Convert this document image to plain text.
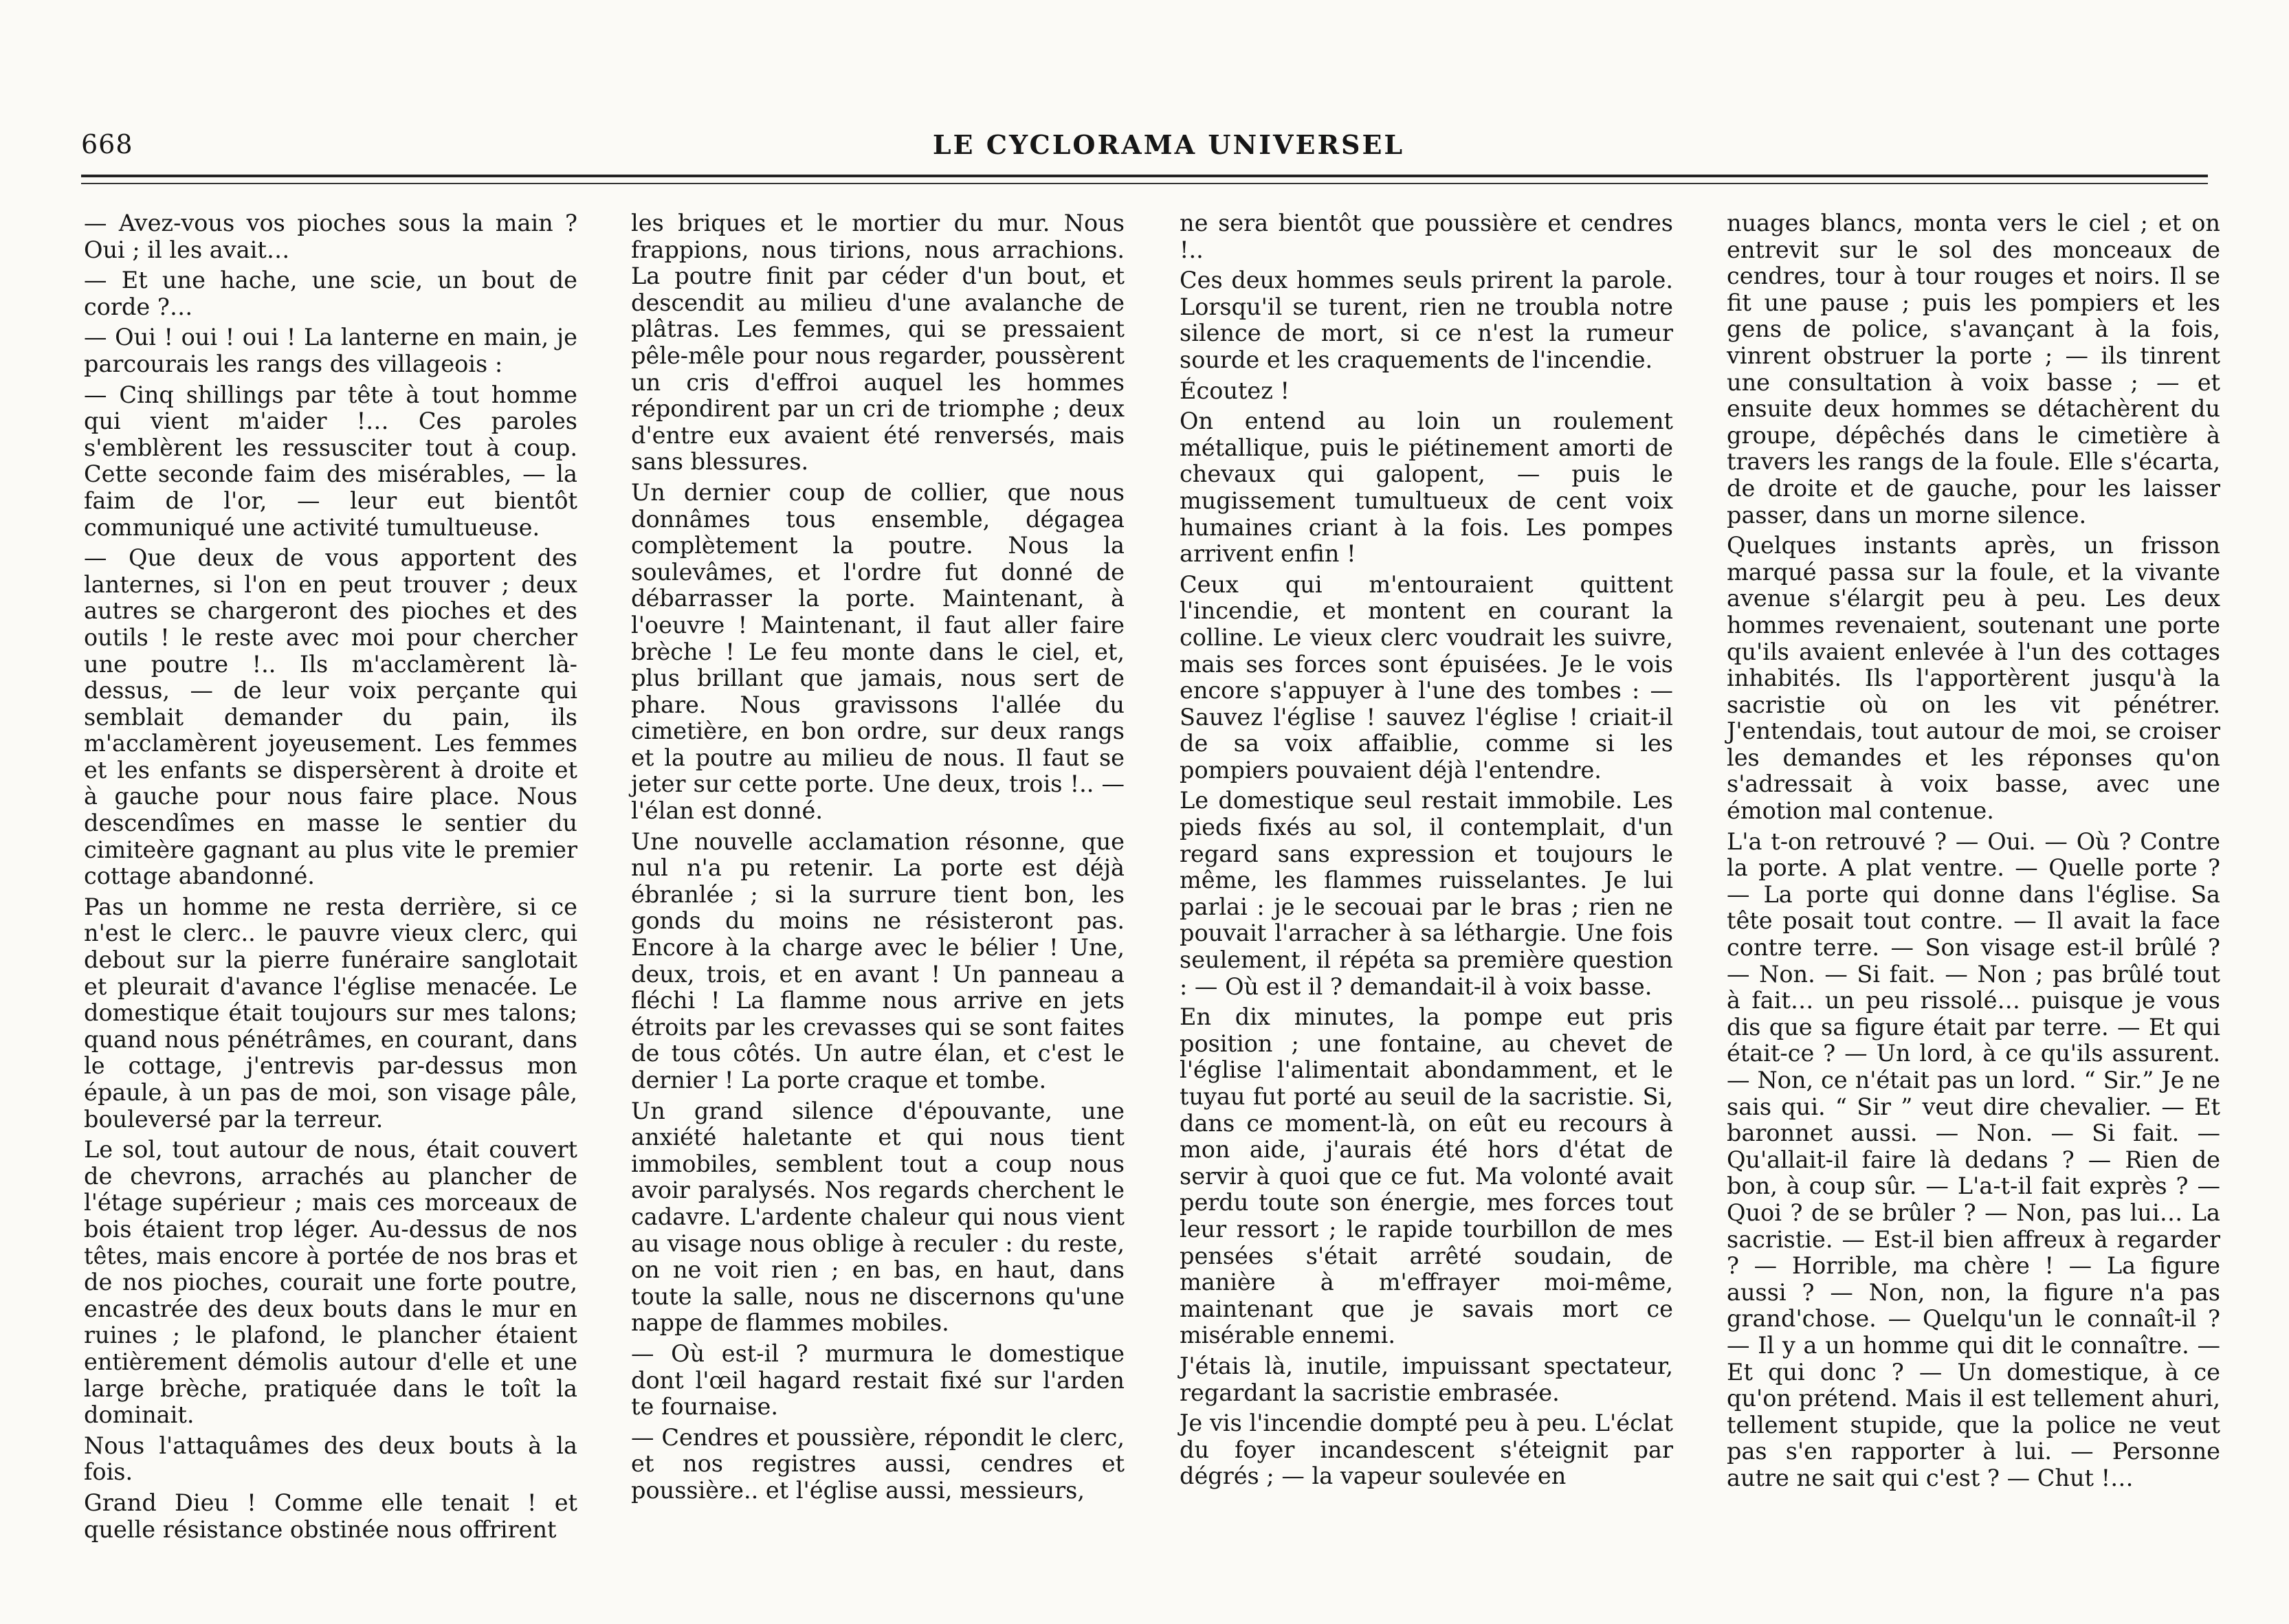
668	LE CYCLORAMA UNIVERSEL

— Avez-vous vos pioches sous la main ? Oui ; il les avait…

— Et une hache, une scie, un bout de corde ?…

— Oui ! oui ! oui ! La lanterne en main, je parcourais les rangs des villageois :

— Cinq shillings par tête à tout homme qui vient m'aider !… Ces paroles s'emblèrent les ressusciter tout à coup. Cette seconde faim des misérables, — la faim de l'or, — leur eut bientôt communiqué une activité tumultueuse.

— Que deux de vous apportent des lanternes, si l'on en peut trouver ; deux autres se chargeront des pioches et des outils ! le reste avec moi pour chercher une poutre !.. Ils m'acclamèrent là-dessus, — de leur voix perçante qui semblait demander du pain, ils m'acclamèrent joyeusement. Les femmes et les enfants se dispersèrent à droite et à gauche pour nous faire place. Nous descendîmes en masse le sentier du cimiteère gagnant au plus vite le premier cottage abandonné.

Pas un homme ne resta derrière, si ce n'est le clerc.. le pauvre vieux clerc, qui debout sur la pierre funéraire sanglotait et pleurait d'avance l'église menacée. Le domestique était toujours sur mes talons; quand nous pénétrâmes, en courant, dans le cottage, j'entrevis par-dessus mon épaule, à un pas de moi, son visage pâle, bouleversé par la terreur.

Le sol, tout autour de nous, était couvert de chevrons, arrachés au plancher de l'étage supérieur ; mais ces morceaux de bois étaient trop léger. Au-dessus de nos têtes, mais encore à portée de nos bras et de nos pioches, courait une forte poutre, encastrée des deux bouts dans le mur en ruines ; le plafond, le plancher étaient entièrement démolis autour d'elle et une large brèche, pratiquée dans le toît la dominait.

Nous l'attaquâmes des deux bouts à la fois.

Grand Dieu ! Comme elle tenait ! et quelle résistance obstinée nous offrirent

les briques et le mortier du mur. Nous frappions, nous tirions, nous arrachions. La poutre finit par céder d'un bout, et descendit au milieu d'une avalanche de plâtras. Les femmes, qui se pressaient pêle-mêle pour nous regarder, poussèrent un cris d'effroi auquel les hommes répondirent par un cri de triomphe ; deux d'entre eux avaient été renversés, mais sans blessures.

Un dernier coup de collier, que nous donnâmes tous ensemble, dégagea complètement la poutre. Nous la soulevâmes, et l'ordre fut donné de débarrasser la porte. Maintenant, à l'oeuvre ! Maintenant, il faut aller faire brèche ! Le feu monte dans le ciel, et, plus brillant que jamais, nous sert de phare. Nous gravissons l'allée du cimetière, en bon ordre, sur deux rangs et la poutre au milieu de nous. Il faut se jeter sur cette porte. Une deux, trois !.. — l'élan est donné.

Une nouvelle acclamation résonne, que nul n'a pu retenir. La porte est déjà ébranlée ; si la surrure tient bon, les gonds du moins ne résisteront pas. Encore à la charge avec le bélier ! Une, deux, trois, et en avant ! Un panneau a fléchi ! La flamme nous arrive en jets étroits par les crevasses qui se sont faites de tous côtés. Un autre élan, et c'est le dernier ! La porte craque et tombe.

Un grand silence d'épouvante, une anxiété haletante et qui nous tient immobiles, semblent tout a coup nous avoir paralysés. Nos regards cherchent le cadavre. L'ardente chaleur qui nous vient au visage nous oblige à reculer : du reste, on ne voit rien ; en bas, en haut, dans toute la salle, nous ne discernons qu'une nappe de flammes mobiles.

— Où est-il ? murmura le domestique dont l'œil hagard restait fixé sur l'arden te fournaise.

— Cendres et poussière, répondit le clerc, et nos registres aussi, cendres et poussière.. et l'église aussi, messieurs,

ne sera bientôt que poussière et cendres !..

Ces deux hommes seuls prirent la parole. Lorsqu'il se turent, rien ne troubla notre silence de mort, si ce n'est la rumeur sourde et les craquements de l'incendie.

Écoutez !

On entend au loin un roulement métallique, puis le piétinement amorti de chevaux qui galopent, — puis le mugissement tumultueux de cent voix humaines criant à la fois. Les pompes arrivent enfin !

Ceux qui m'entouraient quittent l'incendie, et montent en courant la colline. Le vieux clerc voudrait les suivre, mais ses forces sont épuisées. Je le vois encore s'appuyer à l'une des tombes : — Sauvez l'église ! sauvez l'église ! criait-il de sa voix affaiblie, comme si les pompiers pouvaient déjà l'entendre.

Le domestique seul restait immobile. Les pieds fixés au sol, il contemplait, d'un regard sans expression et toujours le même, les flammes ruisselantes. Je lui parlai : je le secouai par le bras ; rien ne pouvait l'arracher à sa léthargie. Une fois seulement, il répéta sa première question : — Où est il ? demandait-il à voix basse.

En dix minutes, la pompe eut pris position ; une fontaine, au chevet de l'église l'alimentait abondamment, et le tuyau fut porté au seuil de la sacristie. Si, dans ce moment-là, on eût eu recours à mon aide, j'aurais été hors d'état de servir à quoi que ce fut. Ma volonté avait perdu toute son énergie, mes forces tout leur ressort ; le rapide tourbillon de mes pensées s'était arrêté soudain, de manière à m'effrayer moi-même, maintenant que je savais mort ce misérable ennemi.

J'étais là, inutile, impuissant spectateur, regardant la sacristie embrasée.

Je vis l'incendie dompté peu à peu. L'éclat du foyer incandescent s'éteignit par dégrés ; — la vapeur soulevée en

nuages blancs, monta vers le ciel ; et on entrevit sur le sol des monceaux de cendres, tour à tour rouges et noirs. Il se fit une pause ; puis les pompiers et les gens de police, s'avançant à la fois, vinrent obstruer la porte ; — ils tinrent une consultation à voix basse ; — et ensuite deux hommes se détachèrent du groupe, dépêchés dans le cimetière à travers les rangs de la foule. Elle s'écarta, de droite et de gauche, pour les laisser passer, dans un morne silence.

Quelques instants après, un frisson marqué passa sur la foule, et la vivante avenue s'élargit peu à peu. Les deux hommes revenaient, soutenant une porte qu'ils avaient enlevée à l'un des cottages inhabités. Ils l'apportèrent jusqu'à la sacristie où on les vit pénétrer. J'entendais, tout autour de moi, se croiser les demandes et les réponses qu'on s'adressait à voix basse, avec une émotion mal contenue.

L'a t-on retrouvé ? — Oui. — Où ? Contre la porte. A plat ventre. — Quelle porte ? — La porte qui donne dans l'église. Sa tête posait tout contre. — Il avait la face contre terre. — Son visage est-il brûlé ? — Non. — Si fait. — Non ; pas brûlé tout à fait… un peu rissolé… puisque je vous dis que sa figure était par terre. — Et qui était-ce ? — Un lord, à ce qu'ils assurent. — Non, ce n'était pas un lord. “ Sir.” Je ne sais qui. “ Sir ” veut dire chevalier. — Et baronnet aussi. — Non. — Si fait. — Qu'allait-il faire là dedans ? — Rien de bon, à coup sûr. — L'a-t-il fait exprès ? — Quoi ? de se brûler ? — Non, pas lui… La sacristie. — Est-il bien affreux à regarder ? — Horrible, ma chère ! — La figure aussi ? — Non, non, la figure n'a pas grand'chose. — Quelqu'un le connaît-il ? — Il y a un homme qui dit le connaître. — Et qui donc ? — Un domestique, à ce qu'on prétend. Mais il est tellement ahuri, tellement stupide, que la police ne veut pas s'en rapporter à lui. — Personne autre ne sait qui c'est ? — Chut !…
